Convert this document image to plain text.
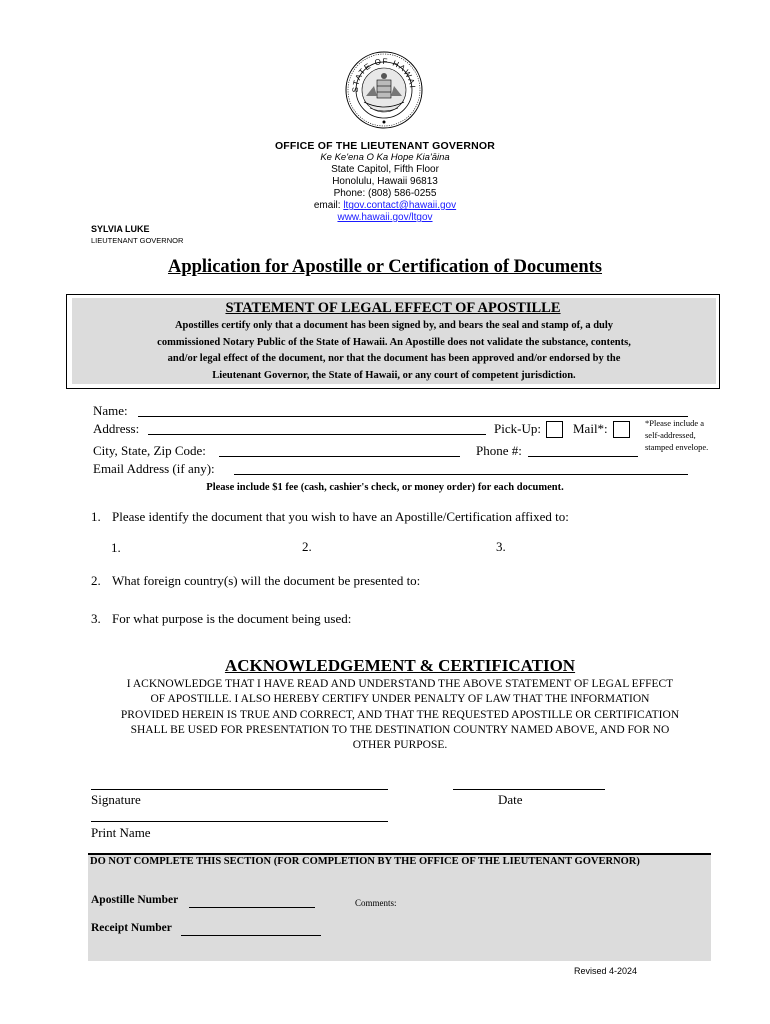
STATE OF HAWAI
OFFICE OF THE LIEUTENANT GOVERNOR
Ke Ke'ena O Ka Hope Kia'āina
State Capitol, Fifth Floor
Honolulu, Hawaii 96813
Phone: (808) 586-0255
email: ltgov.contact@hawaii.gov
www.hawaii.gov/ltgov
SYLVIA LUKE
LIEUTENANT GOVERNOR
Application for Apostille or Certification of Documents
STATEMENT OF LEGAL EFFECT OF APOSTILLE
Apostilles certify only that a document has been signed by, and bears the seal and stamp of, a duly
commissioned Notary Public of the State of Hawaii. An Apostille does not validate the substance, contents,
and/or legal effect of the document, nor that the document has been approved and/or endorsed by the
Lieutenant Governor, the State of Hawaii, or any court of competent jurisdiction.
Name:
Address:	Pick-Up: Mail*:	*Please include a
self-addressed,
stamped envelope.
City, State, Zip Code:	Phone #:
Email Address (if any):
Please include $1 fee (cash, cashier's check, or money order) for each document.
1. Please identify the document that you wish to have an Apostille/Certification affixed to:
1.	2.	3.
2. What foreign country(s) will the document be presented to:
3. For what purpose is the document being used:
ACKNOWLEDGEMENT & CERTIFICATION
I ACKNOWLEDGE THAT I HAVE READ AND UNDERSTAND THE ABOVE STATEMENT OF LEGAL EFFECT
OF APOSTILLE. I ALSO HEREBY CERTIFY UNDER PENALTY OF LAW THAT THE INFORMATION
PROVIDED HEREIN IS TRUE AND CORRECT, AND THAT THE REQUESTED APOSTILLE OR CERTIFICATION
SHALL BE USED FOR PRESENTATION TO THE DESTINATION COUNTRY NAMED ABOVE, AND FOR NO
OTHER PURPOSE.
Signature	Date
Print Name
DO NOT COMPLETE THIS SECTION (FOR COMPLETION BY THE OFFICE OF THE LIEUTENANT GOVERNOR)
Apostille Number	Comments:
Receipt Number
Revised 4-2024
